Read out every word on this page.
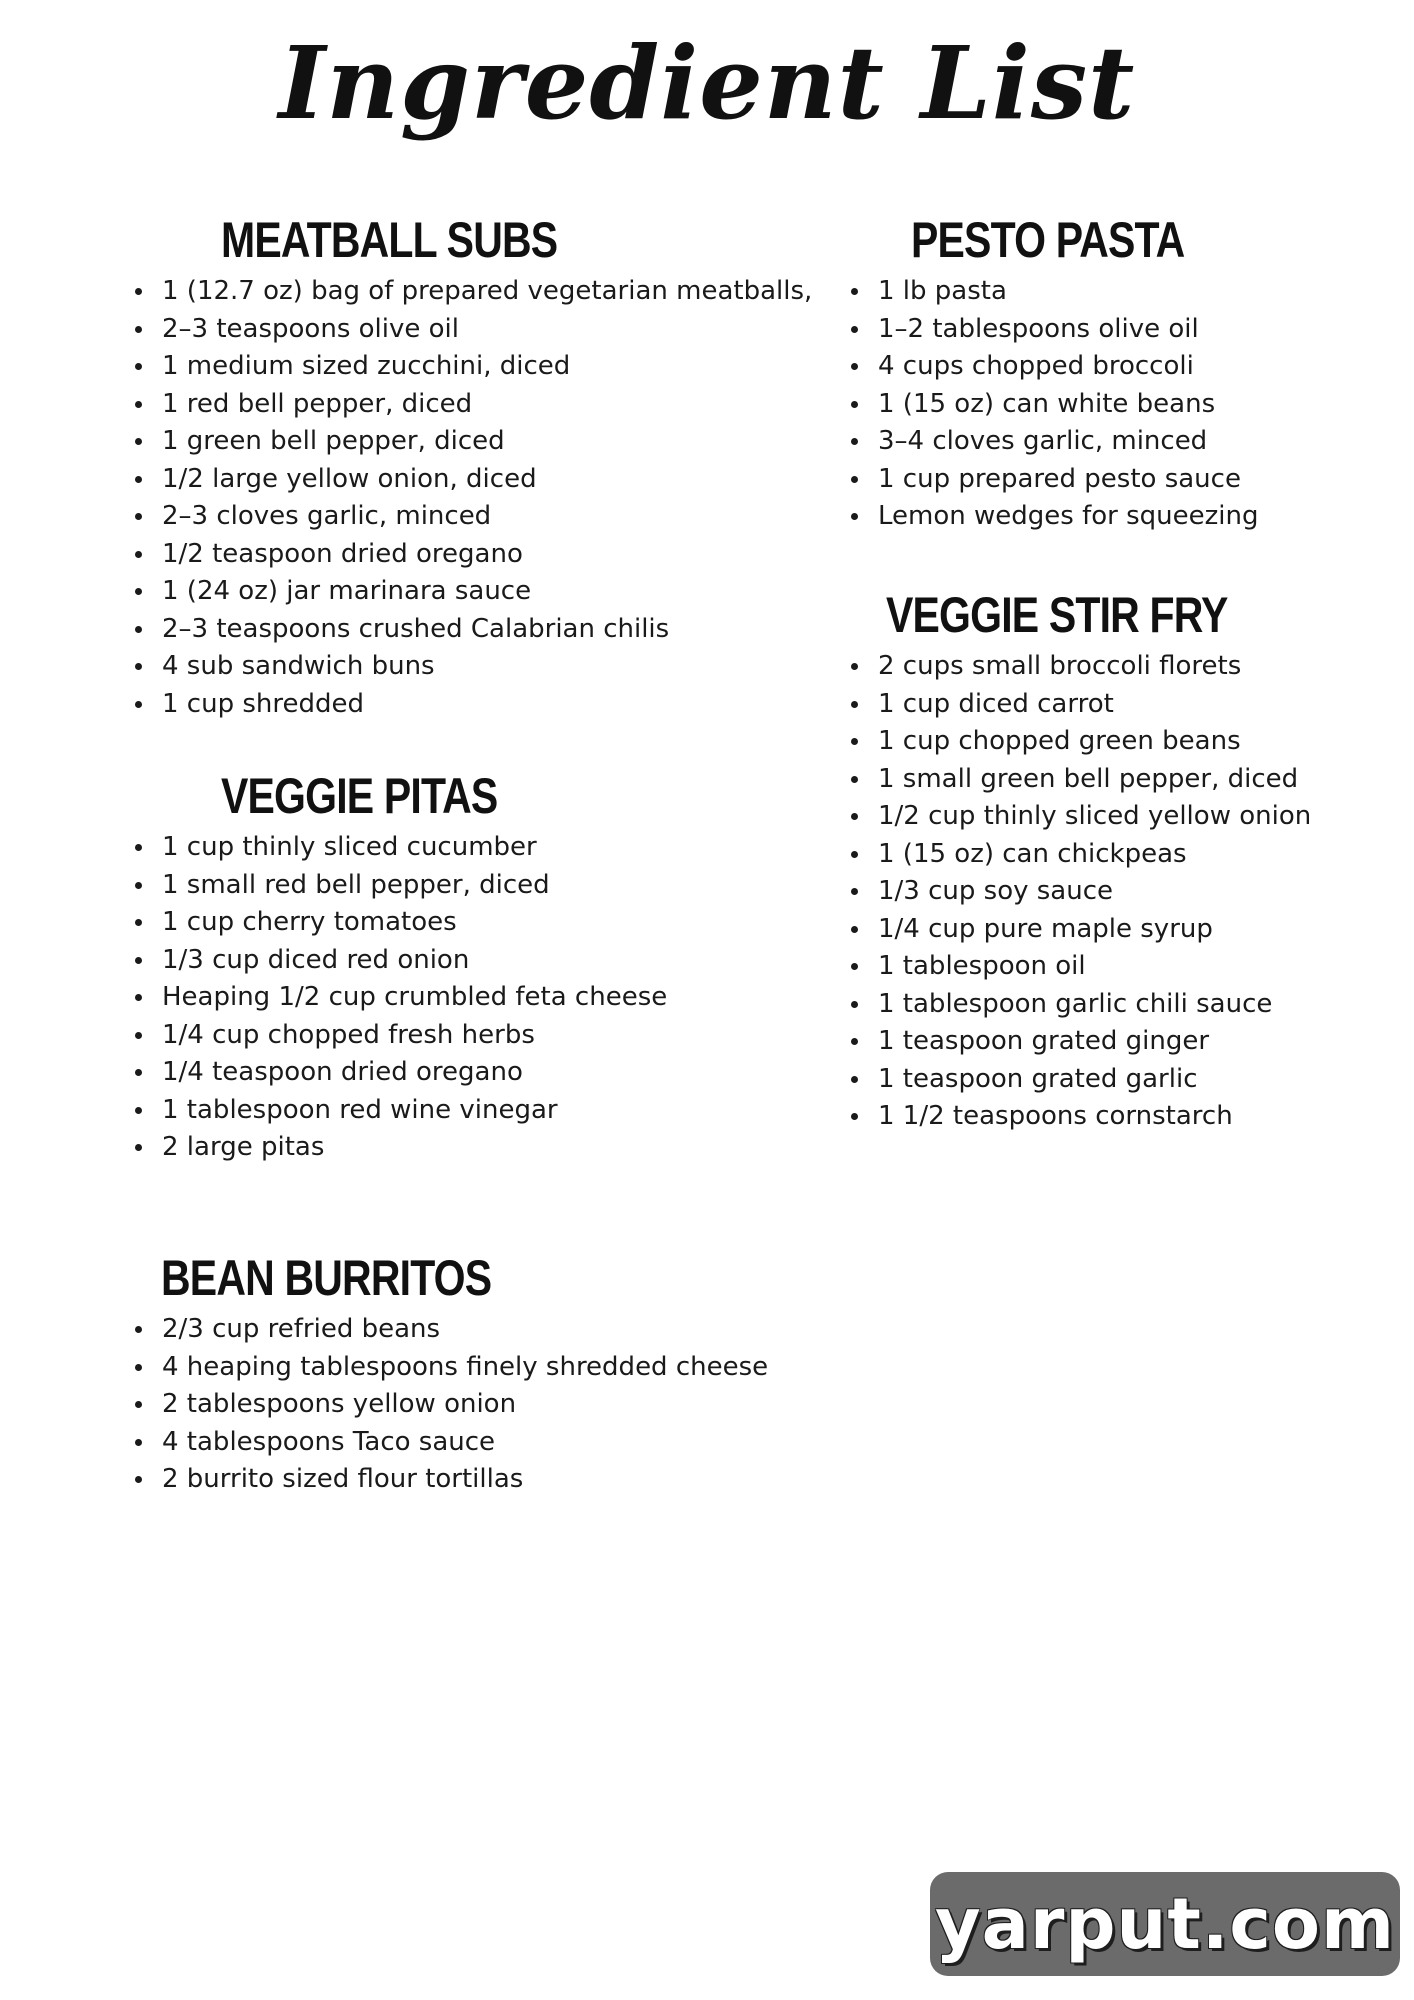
Ingredient List
MEATBALL SUBS
1 (12.7 oz) bag of prepared vegetarian meatballs,
2–3 teaspoons olive oil
1 medium sized zucchini, diced
1 red bell pepper, diced
1 green bell pepper, diced
1/2 large yellow onion, diced
2–3 cloves garlic, minced
1/2 teaspoon dried oregano
1 (24 oz) jar marinara sauce
2–3 teaspoons crushed Calabrian chilis
4 sub sandwich buns
1 cup shredded
VEGGIE PITAS
1 cup thinly sliced cucumber
1 small red bell pepper, diced
1 cup cherry tomatoes
1/3 cup diced red onion
Heaping 1/2 cup crumbled feta cheese
1/4 cup chopped fresh herbs
1/4 teaspoon dried oregano
1 tablespoon red wine vinegar
2 large pitas
BEAN BURRITOS
2/3 cup refried beans
4 heaping tablespoons finely shredded cheese
2 tablespoons yellow onion
4 tablespoons Taco sauce
2 burrito sized flour tortillas
PESTO PASTA
1 lb pasta
1–2 tablespoons olive oil
4 cups chopped broccoli
1 (15 oz) can white beans
3–4 cloves garlic, minced
1 cup prepared pesto sauce
Lemon wedges for squeezing
VEGGIE STIR FRY
2 cups small broccoli florets
1 cup diced carrot
1 cup chopped green beans
1 small green bell pepper, diced
1/2 cup thinly sliced yellow onion
1 (15 oz) can chickpeas
1/3 cup soy sauce
1/4 cup pure maple syrup
1 tablespoon oil
1 tablespoon garlic chili sauce
1 teaspoon grated ginger
1 teaspoon grated garlic
1 1/2 teaspoons cornstarch
yarput.com
